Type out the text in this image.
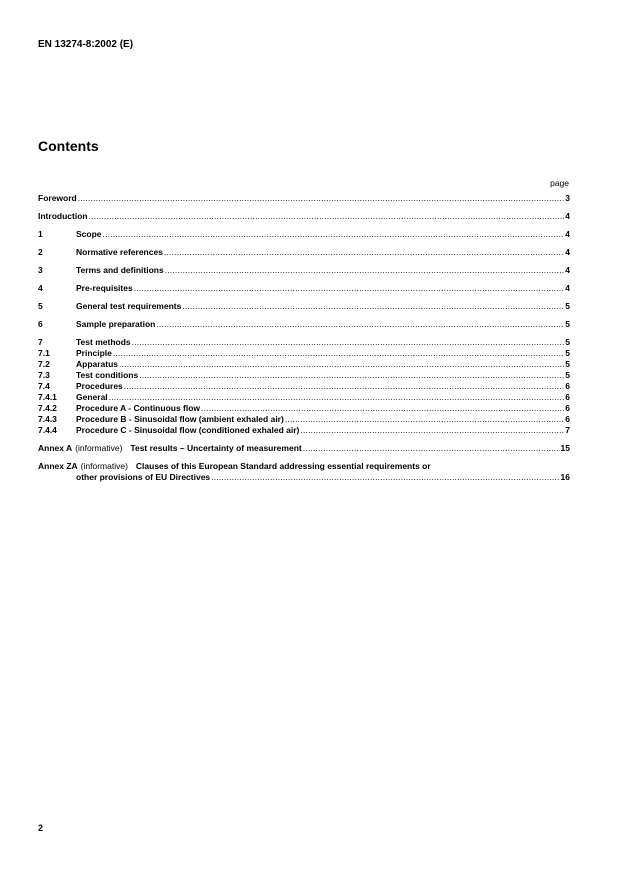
EN 13274-8:2002 (E)
Contents
page
Foreword .....	3
Introduction .....	4
1	Scope .....	4
2	Normative references .....	4
3	Terms and definitions .....	4
4	Pre-requisites .....	4
5	General test requirements .....	5
6	Sample preparation .....	5
7	Test methods .....	5
7.1	Principle .....	5
7.2	Apparatus .....	5
7.3	Test conditions .....	5
7.4	Procedures .....	6
7.4.1	General .....	6
7.4.2	Procedure A - Continuous flow .....	6
7.4.3	Procedure B - Sinusoidal flow (ambient exhaled air) .....	6
7.4.4	Procedure C - Sinusoidal flow (conditioned exhaled air) .....	7
Annex A (informative) Test results – Uncertainty of measurement .....	15
Annex ZA (informative) Clauses of this European Standard addressing essential requirements or
other provisions of EU Directives .....	16
2
